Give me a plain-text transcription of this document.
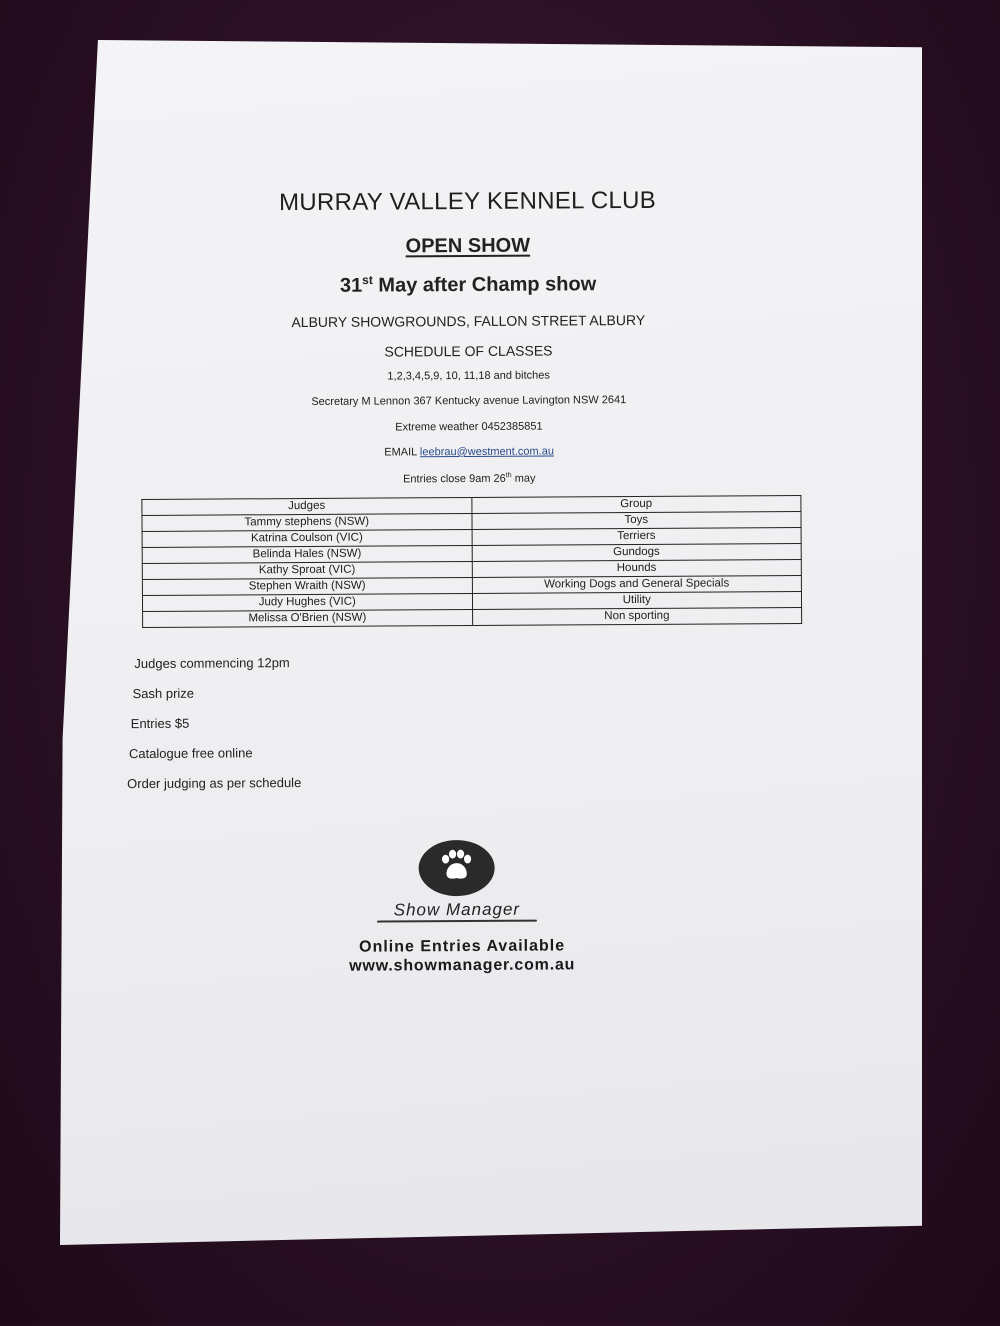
MURRAY VALLEY KENNEL CLUB
OPEN SHOW
31st May after Champ show
ALBURY SHOWGROUNDS, FALLON STREET ALBURY
SCHEDULE OF CLASSES
1,2,3,4,5,9, 10, 11,18 and bitches
Secretary M Lennon 367 Kentucky avenue Lavington NSW 2641
Extreme weather 0452385851
EMAIL leebrau@westment.com.au
Entries close 9am 26th may
Judges	Group
Tammy stephens (NSW)	Toys
Katrina Coulson (VIC)	Terriers
Belinda Hales (NSW)	Gundogs
Kathy Sproat (VIC)	Hounds
Stephen Wraith (NSW)	Working Dogs and General Specials
Judy Hughes (VIC)	Utility
Melissa O'Brien (NSW)	Non sporting
Judges commencing 12pm
Sash prize
Entries $5
Catalogue free online
Order judging as per schedule
Show Manager
Online Entries Available
www.showmanager.com.au
